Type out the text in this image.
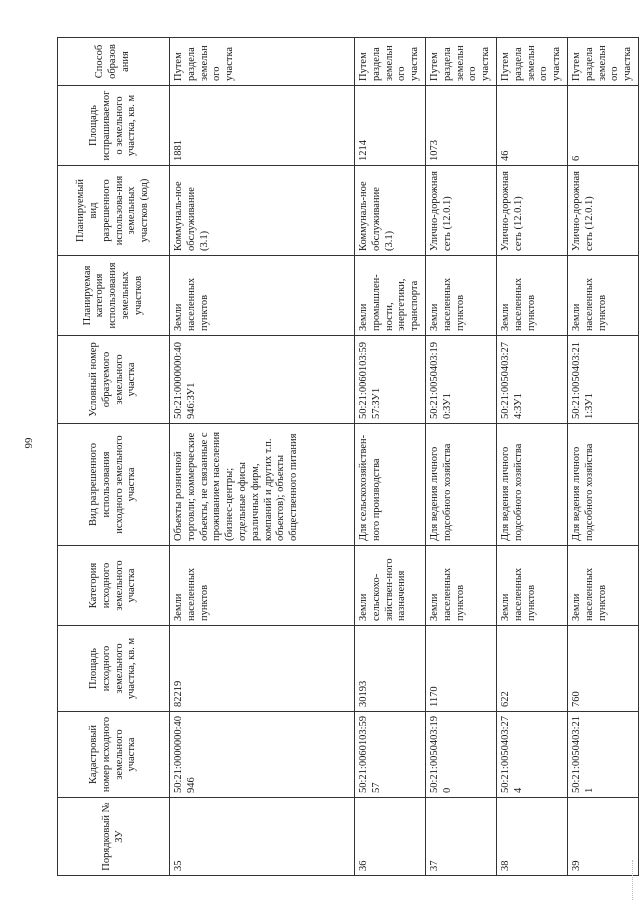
66
Порядковый № ЗУ	Кадастровый номер исходного земельного участка	Площадь исходного земельного участка, кв. м	Категория исходного земельного участка	Вид разрешенного использования исходного земельного участка	Условный номер образуемого земельного участка	Планируемая категория использования земельных участков	Планируемый вид разрешенного использова-ния земельных участков (код)	Площадь испрашиваемого земельного участка, кв. м	Способ образования
35	50:21:0000000:40946	82219	Земли населенных пунктов	Объекты розничной торговли; коммерческие объекты, не связанные с проживанием населения (бизнес-центры; отдельные офисы различных фирм, компаний и других т.п. объектов); объекты общественного питания	50:21:0000000:40946:ЗУ1	Земли населенных пунктов	Коммуналь-ное обслуживание (3.1)	1881	Путем раздела земельного участка
36	50:21:0060103:5957	30193	Земли сельскохо-зяйствен-ного назначения	Для сельскохозяйствен-ного производства	50:21:0060103:5957:ЗУ1	Земли промышлен-ности, энергетики, транспорта	Коммуналь-ное обслуживание (3.1)	1214	Путем раздела земельного участка
37	50:21:0050403:190	1170	Земли населенных пунктов	Для ведения личного подсобного хозяйства	50:21:0050403:190:ЗУ1	Земли населенных пунктов	Улично-дорожная сеть (12.0.1)	1073	Путем раздела земельного участка
38	50:21:0050403:274	622	Земли населенных пунктов	Для ведения личного подсобного хозяйства	50:21:0050403:274:ЗУ1	Земли населенных пунктов	Улично-дорожная сеть (12.0.1)	46	Путем раздела земельного участка
39	50:21:0050403:211	760	Земли населенных пунктов	Для ведения личного подсобного хозяйства	50:21:0050403:211:ЗУ1	Земли населенных пунктов	Улично-дорожная сеть (12.0.1)	6	Путем раздела земельного участка
